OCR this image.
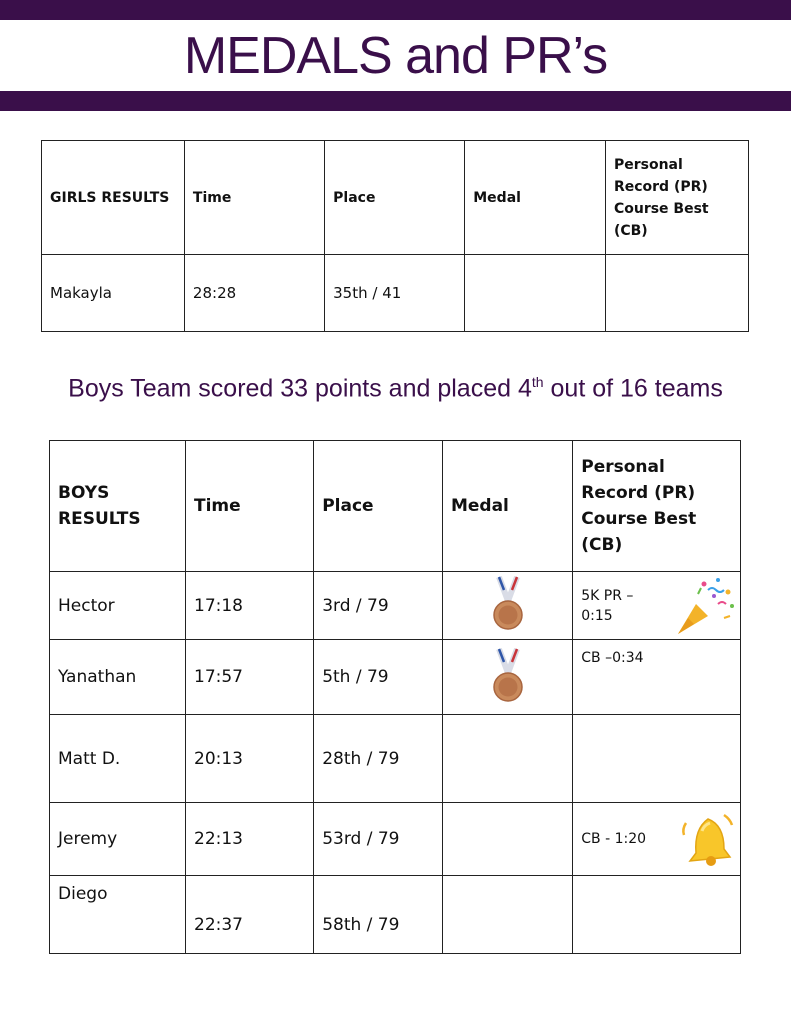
MEDALS and PR’s
GIRLS RESULTS	Time	Place	Medal	Personal Record (PR) Course Best (CB)
Makayla	28:28	35th / 41		
Boys Team scored 33 points and placed 4th out of 16 teams
BOYS RESULTS	Time	Place	Medal	Personal Record (PR) Course Best (CB)
Hector	17:18	3rd / 79		5K PR –0:15

Yanathan	17:57	5th / 79		CB –0:34
Matt D.	20:13	28th / 79		
Jeremy	22:13	53rd / 79		CB - 1:20

Diego	22:37	58th / 79		
